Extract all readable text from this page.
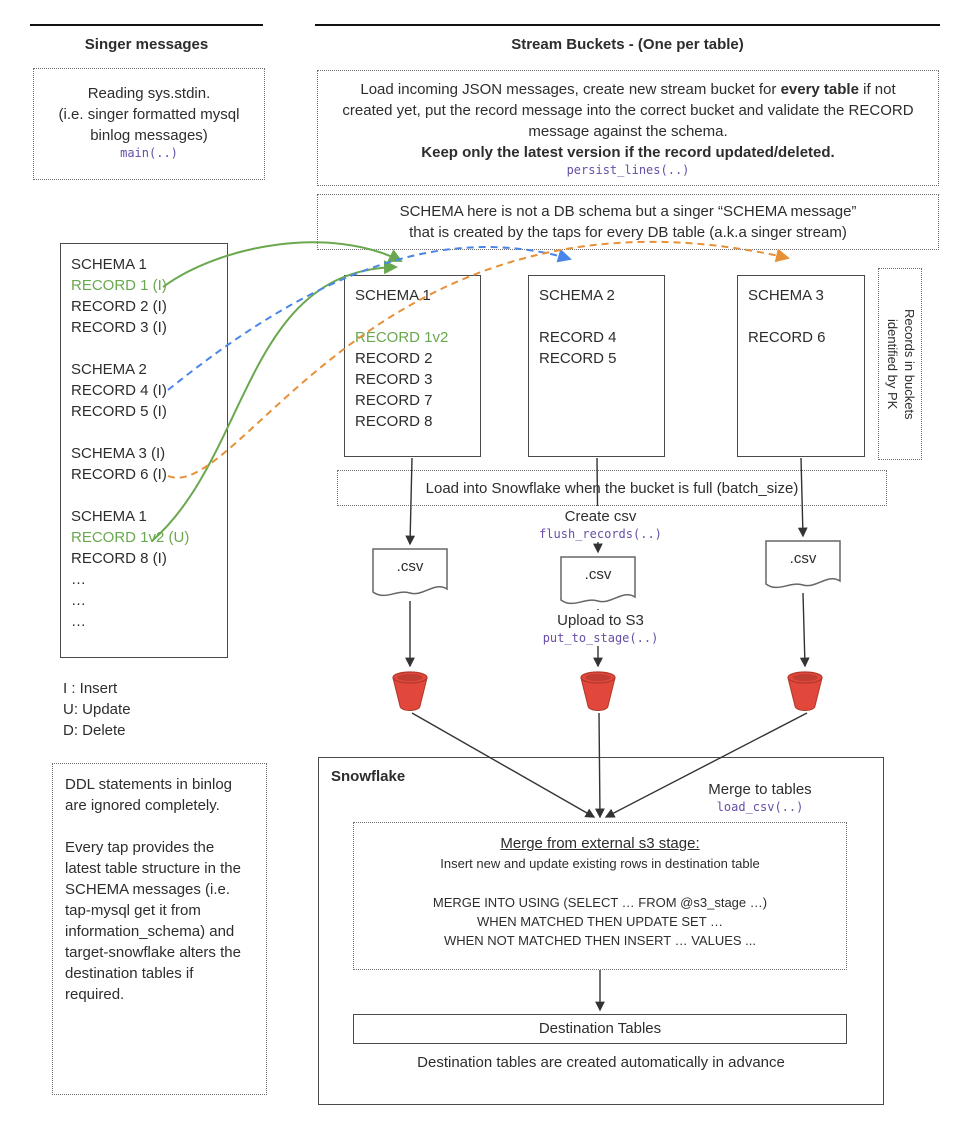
Singer messages	Stream Buckets - (One per table)
Reading sys.stdin.
(i.e. singer formatted mysql
binlog messages)
main(..)
SCHEMA 1
RECORD 1 (I)
RECORD 2 (I)
RECORD 3 (I)
SCHEMA 2
RECORD 4 (I)
RECORD 5 (I)
SCHEMA 3 (I)
RECORD 6 (I)
SCHEMA 1
RECORD 1v2 (U)
RECORD 8 (I)
…
…
…
I : Insert
U: Update
D: Delete
DDL statements in binlog are ignored completely.
Every tap provides the latest table structure in the SCHEMA messages (i.e. tap-mysql get it from information_schema) and target-snowflake alters the destination tables if required.
Load incoming JSON messages, create new stream bucket for every table if not created yet, put the record message into the correct bucket and validate the RECORD message against the schema.
Keep only the latest version if the record updated/deleted.
persist_lines(..)
SCHEMA here is not a DB schema but a singer “SCHEMA message”
that is created by the taps for every DB table (a.k.a singer stream)
SCHEMA 1
RECORD 1v2
RECORD 2
RECORD 3
RECORD 7
RECORD 8
SCHEMA 2
RECORD 4
RECORD 5
SCHEMA 3
RECORD 6	Records in buckets
identified by PK
Load into Snowflake when the bucket is full (batch_size)
Create csv
flush_records(..)
.csv	.csv
.csv
Upload to S3
put_to_stage(..)
Snowflake
Merge to tables
load_csv(..)
Merge from external s3 stage:
Insert new and update existing rows in destination table
MERGE INTO USING (SELECT … FROM @s3_stage …)
WHEN MATCHED THEN UPDATE SET …
WHEN NOT MATCHED THEN INSERT … VALUES ...
Destination Tables
Destination tables are created automatically in advance
